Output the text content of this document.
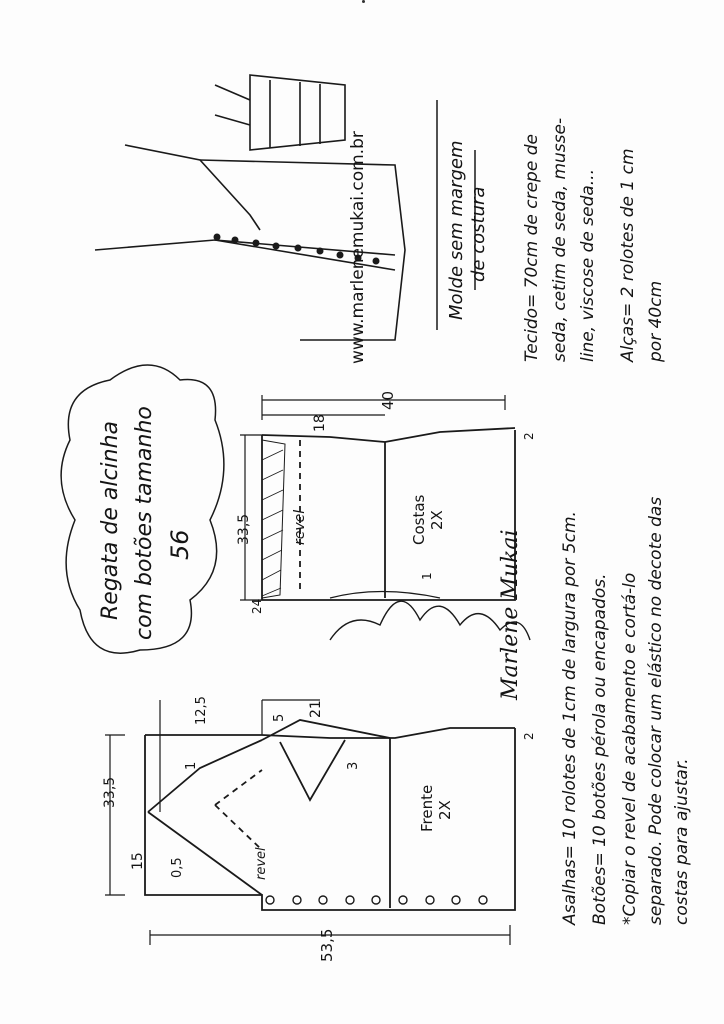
Regata de alcinha com botões tamanho 56
www.marlenemukai.com.br	Molde sem margem de costura Tecido= 70cm de crepe de seda, cetim de seda, musse- line, viscose de seda... Alças= 2 rolotes de 1 cm por 40cm
Costas 2X
revel
40
18
33,5
24
2
1
Frente 2X
revel
33,5
15
12,5	5 21
3
1
0,5
53,5
2 Asalhas= 10 rolotes de 1cm de largura por 5cm. Botões= 10 botões pérola ou encapados. *Copiar o revel de acabamento e cortá-lo separado. Pode colocar um elástico no decote das costas para ajustar.
Marlene Mukai
